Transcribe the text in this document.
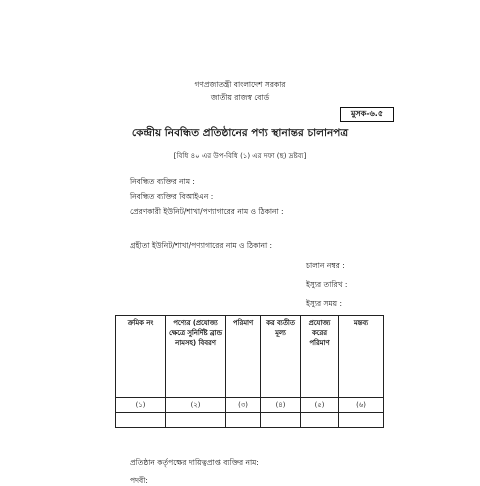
গণপ্রজাতন্ত্রী বাংলাদেশ সরকার
জাতীয় রাজস্ব বোর্ড
মুসক-৬.৫
কেন্দ্রীয় নিবন্ধিত প্রতিষ্ঠানের পণ্য স্থানান্তর চালানপত্র
[বিধি ৪০ এর উপ-বিধি (১) এর দফা (ছ) দ্রষ্টব্য]
নিবন্ধিত ব্যক্তির নাম :
নিবন্ধিত ব্যক্তির বিআইএন :
প্রেরণকারী ইউনিট/শাখা/পণ্যাগারের নাম ও ঠিকানা :
গ্রহীতা ইউনিট/শাখা/পণ্যাগারের নাম ও ঠিকানা :
চালান নম্বর :
ইস্যুর তারিখ :
ইস্যুর সময় :
ক্রমিক নং	পণ্যের (প্রযোজ্য ক্ষেত্রে সুনির্দিষ্ট ব্রান্ড নামসহ) বিবরণ	পরিমাণ	কর ব্যতীত মূল্য	প্রযোজ্য করের পরিমাণ	মন্তব্য
(১)	(২)	(৩)	(৪)	(৫)	(৬)

প্রতিষ্ঠান কর্তৃপক্ষের দায়িত্বপ্রাপ্ত ব্যক্তির নাম:
পদবী:
